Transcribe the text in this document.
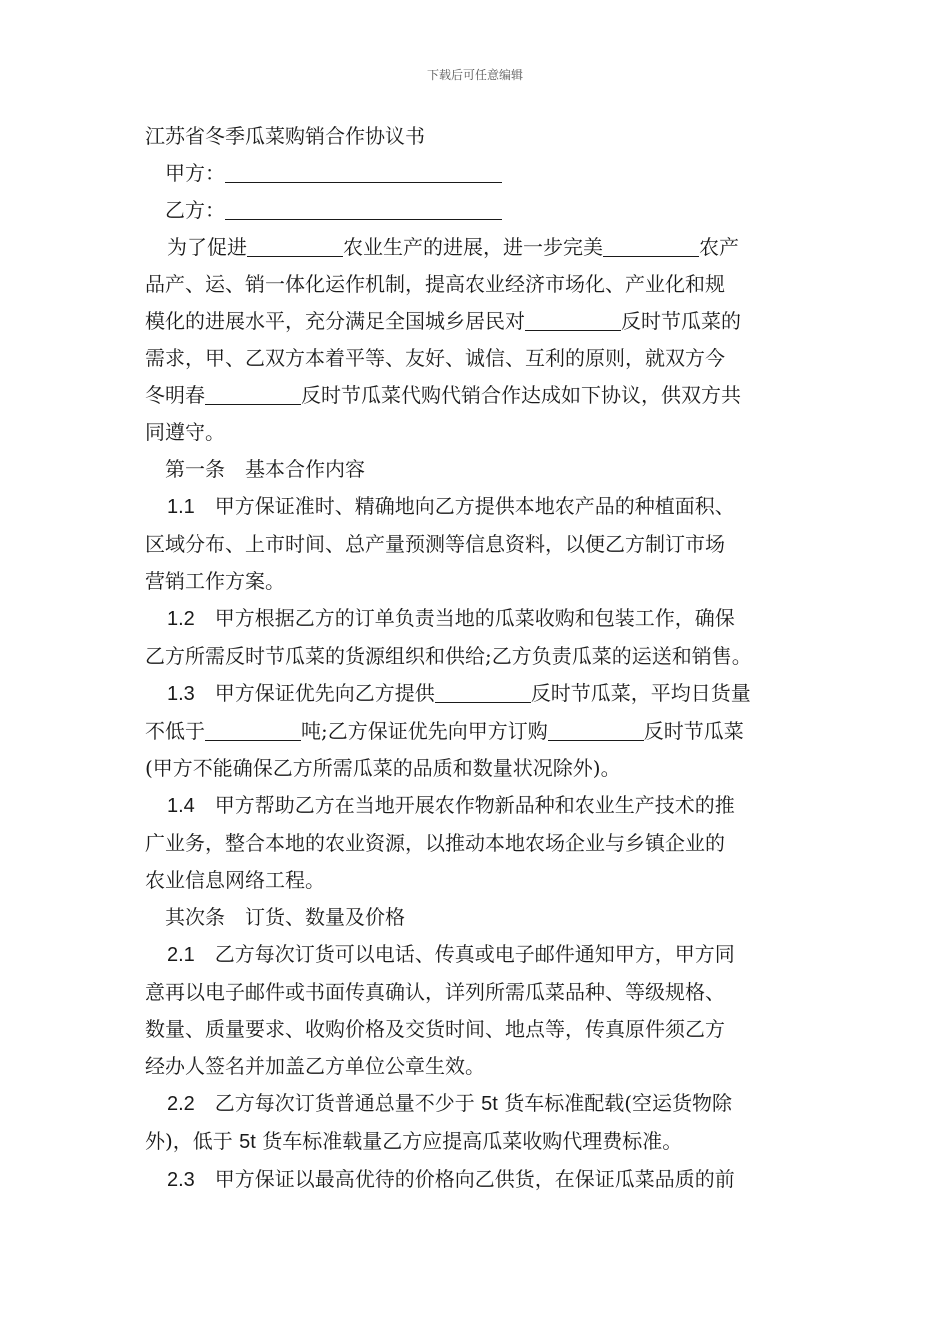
下载后可任意编辑
江苏省冬季瓜菜购销合作协议书
甲方：
乙方：
为了促进	农业生产的进展，进一步完美	农产
品产、运、销一体化运作机制，提高农业经济市场化、产业化和规
模化的进展水平，充分满足全国城乡居民对	反时节瓜菜的
需求，甲、乙双方本着平等、友好、诚信、互利的原则，就双方今
冬明春	反时节瓜菜代购代销合作达成如下协议，供双方共
同遵守。
第一条　基本合作内容
1.1　甲方保证准时、精确地向乙方提供本地农产品的种植面积、
区域分布、上市时间、总产量预测等信息资料，以便乙方制订市场
营销工作方案。
1.2　甲方根据乙方的订单负责当地的瓜菜收购和包装工作，确保
乙方所需反时节瓜菜的货源组织和供给;乙方负责瓜菜的运送和销售。
1.3　甲方保证优先向乙方提供	反时节瓜菜，平均日货量
不低于	吨;乙方保证优先向甲方订购	反时节瓜菜
(甲方不能确保乙方所需瓜菜的品质和数量状况除外)。
1.4　甲方帮助乙方在当地开展农作物新品种和农业生产技术的推
广业务，整合本地的农业资源，以推动本地农场企业与乡镇企业的
农业信息网络工程。
其次条　订货、数量及价格
2.1　乙方每次订货可以电话、传真或电子邮件通知甲方，甲方同
意再以电子邮件或书面传真确认，详列所需瓜菜品种、等级规格、
数量、质量要求、收购价格及交货时间、地点等，传真原件须乙方
经办人签名并加盖乙方单位公章生效。
2.2　乙方每次订货普通总量不少于 5t 货车标准配载(空运货物除
外)，低于 5t 货车标准载量乙方应提高瓜菜收购代理费标准。
2.3　甲方保证以最高优待的价格向乙供货，在保证瓜菜品质的前
